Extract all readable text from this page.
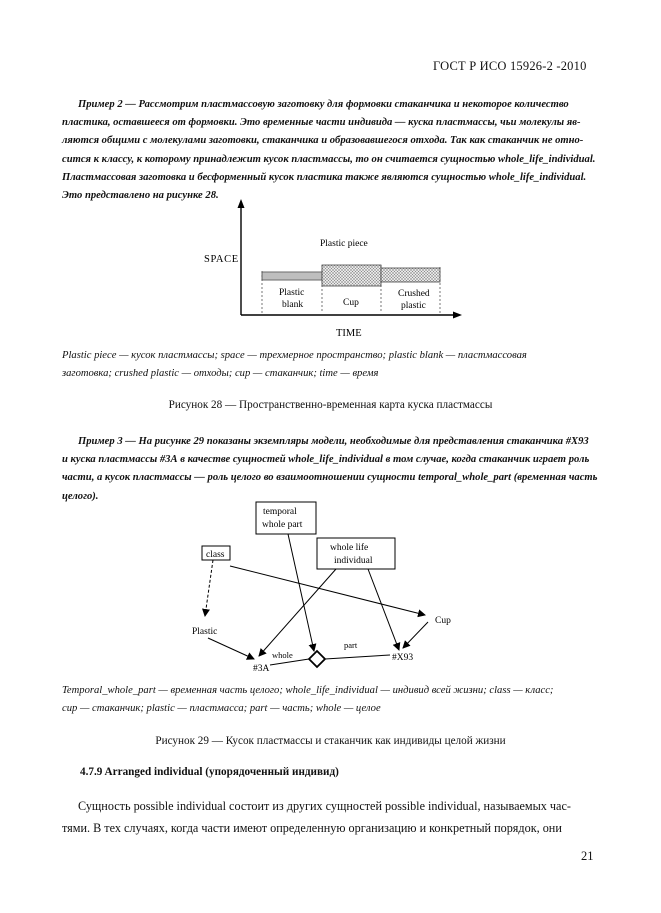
ГОСТ Р ИСО 15926-2 -2010
Пример 2 — Рассмотрим пластмассовую заготовку для формовки стаканчика и некоторое количество
пластика, оставшееся от формовки. Это временные части индивида — куска пластмассы, чьи молекулы яв-
ляются общими с молекулами заготовки, стаканчика и образовавшегося отхода. Так как стаканчик не отно-
сится к классу, к которому принадлежит кусок пластмассы, то он считается сущностью whole_life_individual.
Пластмассовая заготовка и бесформенный кусок пластика также являются сущностью whole_life_individual.
Это представлено на рисунке 28.
SPACE
TIME
Plastic piece
Plastic
blank	Cup
Crushed
plastic
Plastic piece — кусок пластмассы; space — трехмерное пространство; plastic blank — пластмассовая
заготовка; crushed plastic — отходы; cup — стаканчик; time — время
Рисунок 28 — Пространственно-временная карта куска пластмассы
Пример 3 — На рисунке 29 показаны экземпляры модели, необходимые для представления стаканчика #X93
и куска пластмассы #3А в качестве сущностей whole_life_individual в том случае, когда стаканчик играет роль
части, а кусок пластмассы — роль целого во взаимоотношении сущности temporal_whole_part (временная часть
целого).
temporal
whole part
class
whole life
individual
Plastic
Cup
#3A
#X93
whole
part
Temporal_whole_part — временная часть целого; whole_life_individual — индивид всей жизни; class — класс;
cup — стаканчик; plastic — пластмасса; part — часть; whole — целое
Рисунок 29 — Кусок пластмассы и стаканчик как индивиды целой жизни
4.7.9 Arranged individual (упорядоченный индивид)
Сущность possible individual состоит из других сущностей possible individual, называемых час-
тями. В тех случаях, когда части имеют определенную организацию и конкретный порядок, они
21
